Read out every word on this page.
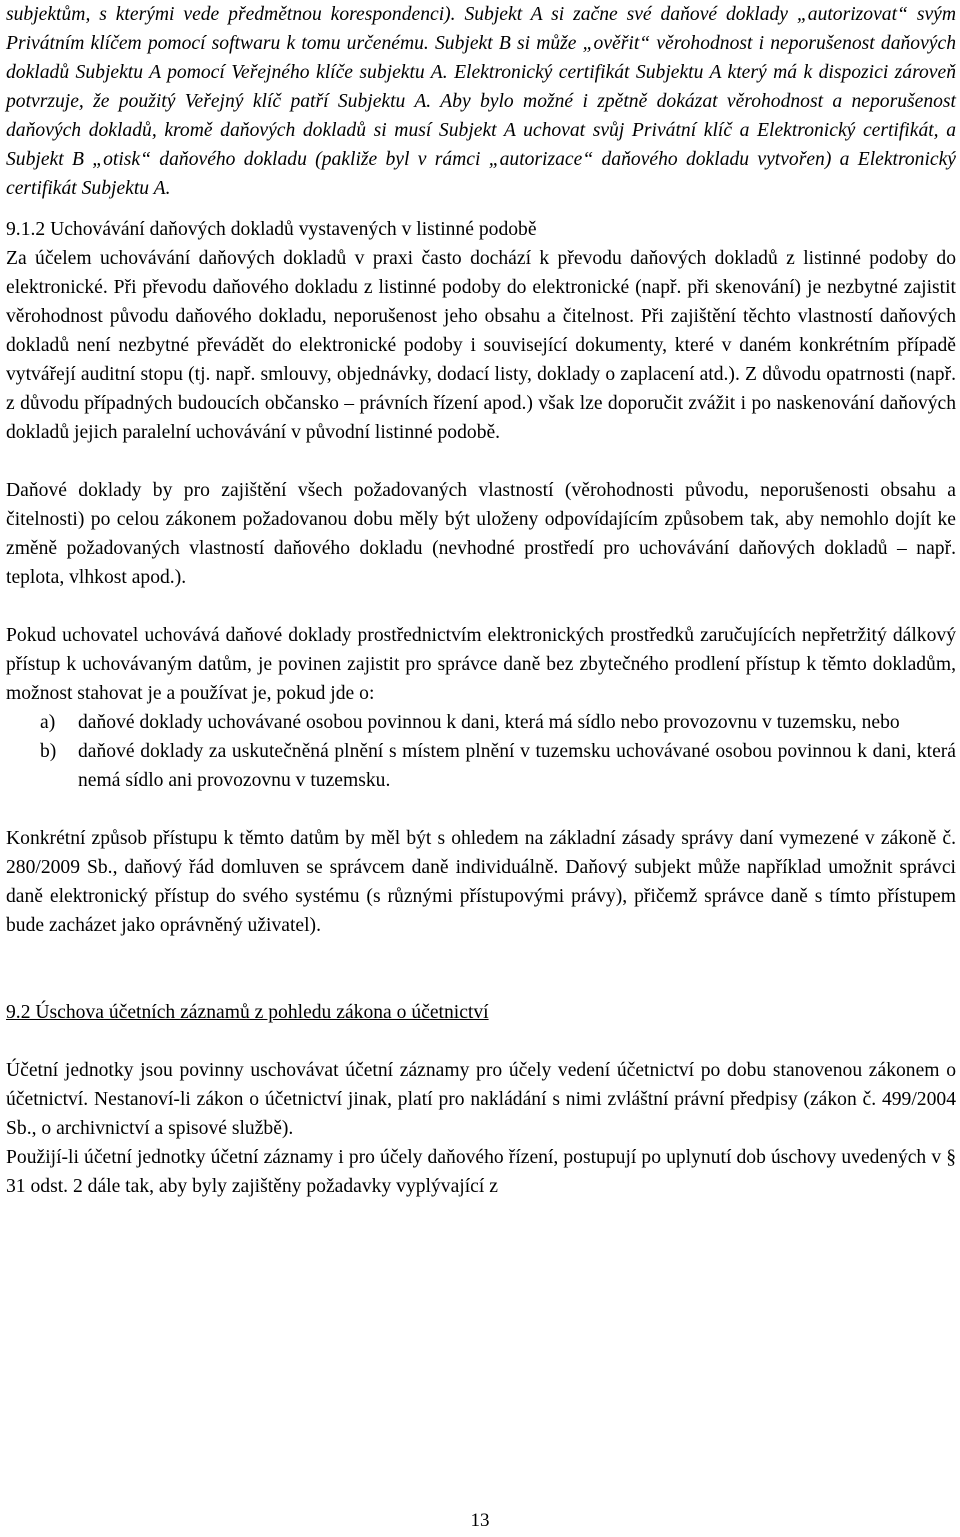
subjektům, s kterými vede předmětnou korespondenci). Subjekt A si začne své daňové doklady „autorizovat“ svým Privátním klíčem pomocí softwaru k tomu určenému. Subjekt B si může „ověřit“ věrohodnost i neporušenost daňových dokladů Subjektu A pomocí Veřejného klíče subjektu A. Elektronický certifikát Subjektu A který má k dispozici zároveň potvrzuje, že použitý Veřejný klíč patří Subjektu A. Aby bylo možné i zpětně dokázat věrohodnost a neporušenost daňových dokladů, kromě daňových dokladů si musí Subjekt A uchovat svůj Privátní klíč a Elektronický certifikát, a Subjekt B „otisk“ daňového dokladu (pakliže byl v rámci „autorizace“ daňového dokladu vytvořen) a Elektronický certifikát Subjektu A.

9.1.2 Uchovávání daňových dokladů vystavených v listinné podobě

Za účelem uchovávání daňových dokladů v praxi často dochází k převodu daňových dokladů z listinné podoby do elektronické. Při převodu daňového dokladu z listinné podoby do elektronické (např. při skenování) je nezbytné zajistit věrohodnost původu daňového dokladu, neporušenost jeho obsahu a čitelnost. Při zajištění těchto vlastností daňových dokladů není nezbytné převádět do elektronické podoby i související dokumenty, které v daném konkrétním případě vytvářejí auditní stopu (tj. např. smlouvy, objednávky, dodací listy, doklady o zaplacení atd.). Z důvodu opatrnosti (např. z důvodu případných budoucích občansko – právních řízení apod.) však lze doporučit zvážit i po naskenování daňových dokladů jejich paralelní uchovávání v původní listinné podobě.

Daňové doklady by pro zajištění všech požadovaných vlastností (věrohodnosti původu, neporušenosti obsahu a čitelnosti) po celou zákonem požadovanou dobu měly být uloženy odpovídajícím způsobem tak, aby nemohlo dojít ke změně požadovaných vlastností daňového dokladu (nevhodné prostředí pro uchovávání daňových dokladů – např. teplota, vlhkost apod.).

Pokud uchovatel uchovává daňové doklady prostřednictvím elektronických prostředků zaručujících nepřetržitý dálkový přístup k uchovávaným datům, je povinen zajistit pro správce daně bez zbytečného prodlení přístup k těmto dokladům, možnost stahovat je a používat je, pokud jde o:

a)	daňové doklady uchovávané osobou povinnou k dani, která má sídlo nebo provozovnu v tuzemsku, nebo
b)	daňové doklady za uskutečněná plnění s místem plnění v tuzemsku uchovávané osobou povinnou k dani, která nemá sídlo ani provozovnu v tuzemsku.

Konkrétní způsob přístupu k těmto datům by měl být s ohledem na základní zásady správy daní vymezené v zákoně č. 280/2009 Sb., daňový řád domluven se správcem daně individuálně. Daňový subjekt může například umožnit správci daně elektronický přístup do svého systému (s různými přístupovými právy), přičemž správce daně s tímto přístupem bude zacházet jako oprávněný uživatel).

9.2 Úschova účetních záznamů z pohledu zákona o účetnictví

Účetní jednotky jsou povinny uschovávat účetní záznamy pro účely vedení účetnictví po dobu stanovenou zákonem o účetnictví. Nestanoví-li zákon o účetnictví jinak, platí pro nakládání s nimi zvláštní právní předpisy (zákon č. 499/2004 Sb., o archivnictví a spisové službě).

Použijí-li účetní jednotky účetní záznamy i pro účely daňového řízení, postupují po uplynutí dob úschovy uvedených v § 31 odst. 2 dále tak, aby byly zajištěny požadavky vyplývající z

13
